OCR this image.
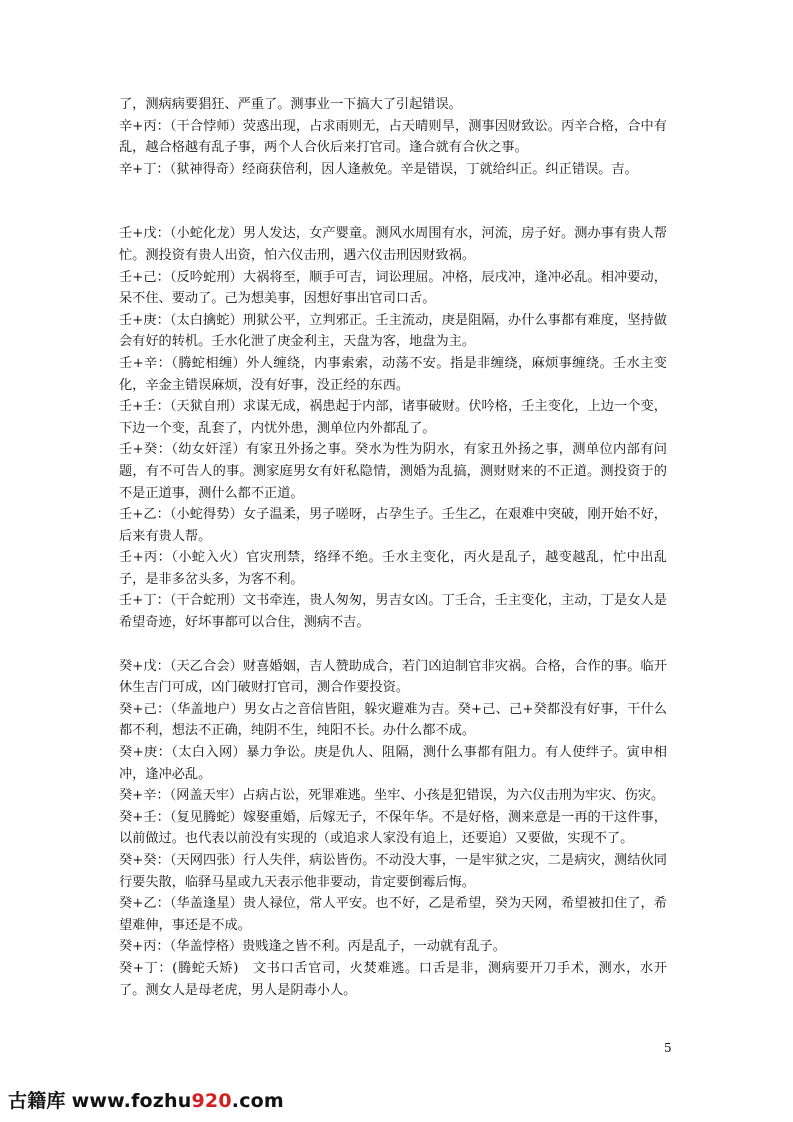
了，测病病要猖狂、严重了。测事业一下搞大了引起错误。

辛+丙：（干合悖师）荧惑出现，占求雨则无，占天晴则旱，测事因财致讼。丙辛合格，合中有乱，越合格越有乱子事，两个人合伙后来打官司。逢合就有合伙之事。

辛+丁：（狱神得奇）经商获倍利，因人逢赦免。辛是错误，丁就给纠正。纠正错误。吉。

壬+戊：（小蛇化龙）男人发达，女产婴童。测风水周围有水，河流，房子好。测办事有贵人帮忙。测投资有贵人出资，怕六仪击刑，遇六仪击刑因财致祸。

壬+己：（反吟蛇刑）大祸将至，顺手可吉，词讼理屈。冲格，辰戌冲，逢冲必乱。相冲要动，呆不住、要动了。己为想美事，因想好事出官司口舌。

壬+庚：（太白擒蛇）刑狱公平，立判邪正。壬主流动，庚是阻隔，办什么事都有难度，坚持做会有好的转机。壬水化泄了庚金利主，天盘为客，地盘为主。

壬+辛：（腾蛇相缠）外人缠绕，内事索索，动荡不安。指是非缠绕，麻烦事缠绕。壬水主变化，辛金主错误麻烦，没有好事，没正经的东西。

壬+壬：（天狱自刑）求谋无成，祸患起于内部，诸事破财。伏吟格，壬主变化，上边一个变，下边一个变，乱套了，内忧外患，测单位内外都乱了。

壬+癸：（幼女奸淫）有家丑外扬之事。癸水为性为阴水，有家丑外扬之事，测单位内部有问题，有不可告人的事。测家庭男女有奸私隐情，测婚为乱搞，测财财来的不正道。测投资于的不是正道事，测什么都不正道。

壬+乙：（小蛇得势）女子温柔，男子嗟呀，占孕生子。壬生乙，在艰难中突破，刚开始不好，后来有贵人帮。

壬+丙：（小蛇入火）官灾刑禁，络绎不绝。壬水主变化，丙火是乱子，越变越乱，忙中出乱子，是非多岔头多，为客不利。

壬+丁：（干合蛇刑）文书牵连，贵人匆匆，男吉女凶。丁壬合，壬主变化，主动，丁是女人是希望奇迹，好坏事都可以合住，测病不吉。

癸+戊：（天乙合会）财喜婚姻，吉人赞助成合，若门凶迫制官非灾祸。合格，合作的事。临开休生吉门可成，凶门破财打官司，测合作要投资。

癸+己：（华盖地户）男女占之音信皆阻，躲灾避难为吉。癸+己、己+癸都没有好事，干什么都不利，想法不正确，纯阴不生，纯阳不长。办什么都不成。

癸+庚：（太白入网）暴力争讼。庚是仇人、阻隔，测什么事都有阻力。有人使绊子。寅申相冲，逢冲必乱。

癸+辛：（网盖天牢）占病占讼，死罪难逃。坐牢、小孩是犯错误，为六仪击刑为牢灾、伤灾。

癸+壬：（复见腾蛇）嫁娶重婚，后嫁无子，不保年华。不是好格，测来意是一再的干这件事，以前做过。也代表以前没有实现的（或追求人家没有追上，还要追）又要做，实现不了。

癸+癸：（天网四张）行人失伴，病讼皆伤。不动没大事，一是牢狱之灾，二是病灾，测结伙同行要失散，临驿马星或九天表示他非要动，肯定要倒霉后悔。

癸+乙：（华盖逢星）贵人禄位，常人平安。也不好，乙是希望，癸为天网，希望被扣住了，希望难伸，事还是不成。

癸+丙：（华盖悖格）贵贱逢之皆不利。丙是乱子，一动就有乱子。

癸+丁：(腾蛇夭矫)　文书口舌官司，火焚难逃。口舌是非，测病要开刀手术，测水，水开了。测女人是母老虎，男人是阴毒小人。

5
古籍库 www.fozhu920.com
